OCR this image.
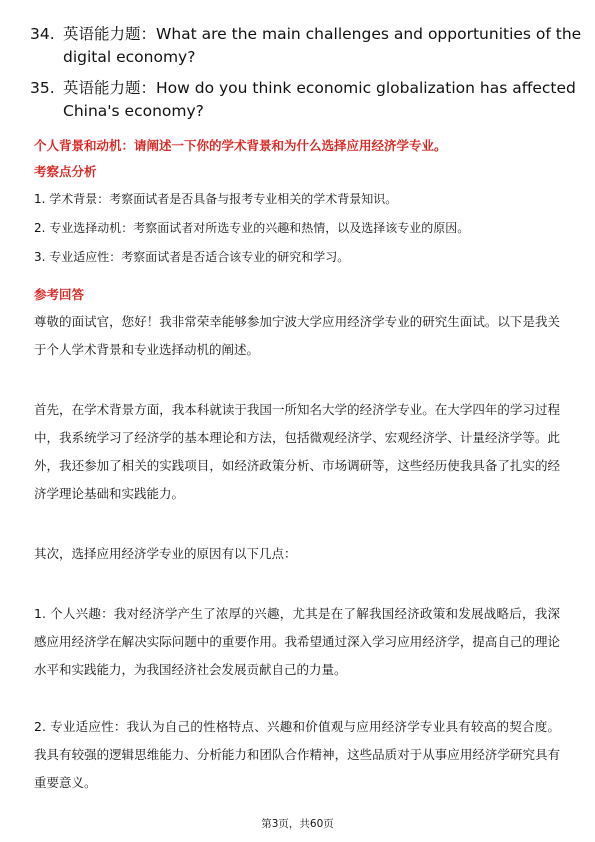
34. 英语能力题：What are the main challenges and opportunities of the digital economy?
35. 英语能力题：How do you think economic globalization has affected China's economy?
个人背景和动机：请阐述一下你的学术背景和为什么选择应用经济学专业。
考察点分析
1. 学术背景：考察面试者是否具备与报考专业相关的学术背景知识。
2. 专业选择动机：考察面试者对所选专业的兴趣和热情，以及选择该专业的原因。
3. 专业适应性：考察面试者是否适合该专业的研究和学习。
参考回答
尊敬的面试官，您好！我非常荣幸能够参加宁波大学应用经济学专业的研究生面试。以下是我关于个人学术背景和专业选择动机的阐述。
首先，在学术背景方面，我本科就读于我国一所知名大学的经济学专业。在大学四年的学习过程中，我系统学习了经济学的基本理论和方法，包括微观经济学、宏观经济学、计量经济学等。此外，我还参加了相关的实践项目，如经济政策分析、市场调研等，这些经历使我具备了扎实的经济学理论基础和实践能力。
其次，选择应用经济学专业的原因有以下几点：
1. 个人兴趣：我对经济学产生了浓厚的兴趣，尤其是在了解我国经济政策和发展战略后，我深感应用经济学在解决实际问题中的重要作用。我希望通过深入学习应用经济学，提高自己的理论水平和实践能力，为我国经济社会发展贡献自己的力量。
2. 专业适应性：我认为自己的性格特点、兴趣和价值观与应用经济学专业具有较高的契合度。我具有较强的逻辑思维能力、分析能力和团队合作精神，这些品质对于从事应用经济学研究具有重要意义。
第3页，共60页
